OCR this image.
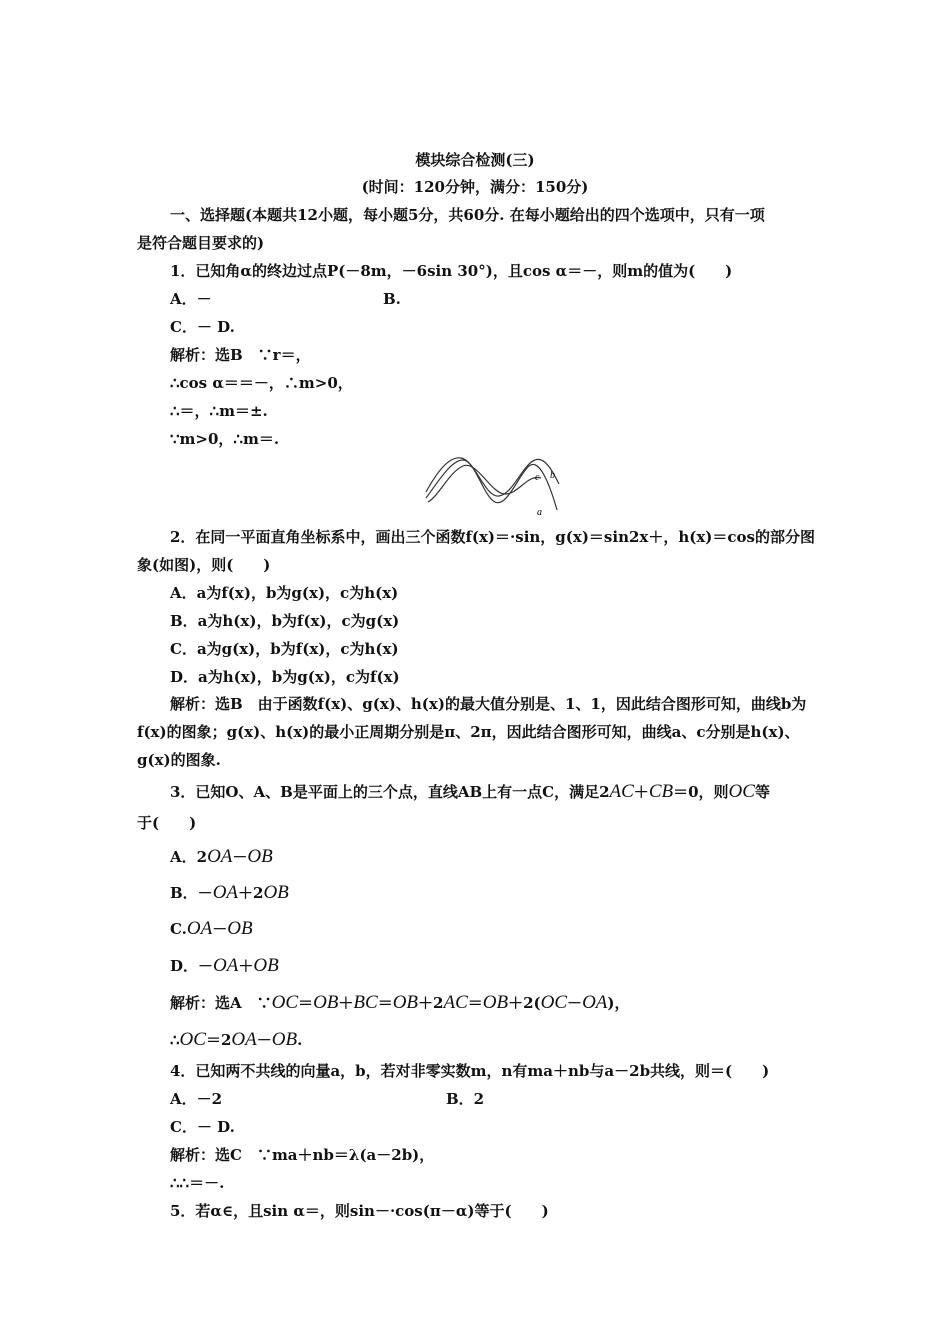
模块综合检测(三)
(时间：120分钟，满分：150分)
一、选择题(本题共12小题，每小题5分，共60分. 在每小题给出的四个选项中，只有一项
是符合题目要求的)
1．已知角α的终边过点P(－8m，－6sin 30°)，且cos α＝－，则m的值为(　　)
A．－	B.
C．－ D.
解析：选B　∵r＝，
∴cos α＝＝－，∴m>0，
∴＝，∴m＝±.
∵m>0，∴m＝.
c b
a
2．在同一平面直角坐标系中，画出三个函数f(x)＝·sin，g(x)＝sin2x＋，h(x)＝cos的部分图
象(如图)，则(　　)
A．a为f(x)，b为g(x)，c为h(x)
B．a为h(x)，b为f(x)，c为g(x)
C．a为g(x)，b为f(x)，c为h(x)
D．a为h(x)，b为g(x)，c为f(x)
解析：选B　由于函数f(x)、g(x)、h(x)的最大值分别是、1、1，因此结合图形可知，曲线b为
f(x)的图象；g(x)、h(x)的最小正周期分别是π、2π，因此结合图形可知，曲线a、c分别是h(x)、
g(x)的图象.
3．已知O、A、B是平面上的三个点，直线AB上有一点C，满足2AC＋CB＝0，则OC等
于(　　)
A．2OA－OB
B．－OA＋2OB
C.OA－OB
D．－OA＋OB
解析：选A　∵OC＝OB＋BC＝OB＋2AC＝OB＋2(OC－OA)，
∴OC＝2OA－OB.
4．已知两不共线的向量a，b，若对非零实数m，n有ma＋nb与a－2b共线，则＝(　　)
A．－2	B．2
C．－ D.
解析：选C　∵ma＋nb＝λ(a－2b)，
∴∴＝－.
5．若α∈，且sin α＝，则sin－·cos(π－α)等于(　　)
